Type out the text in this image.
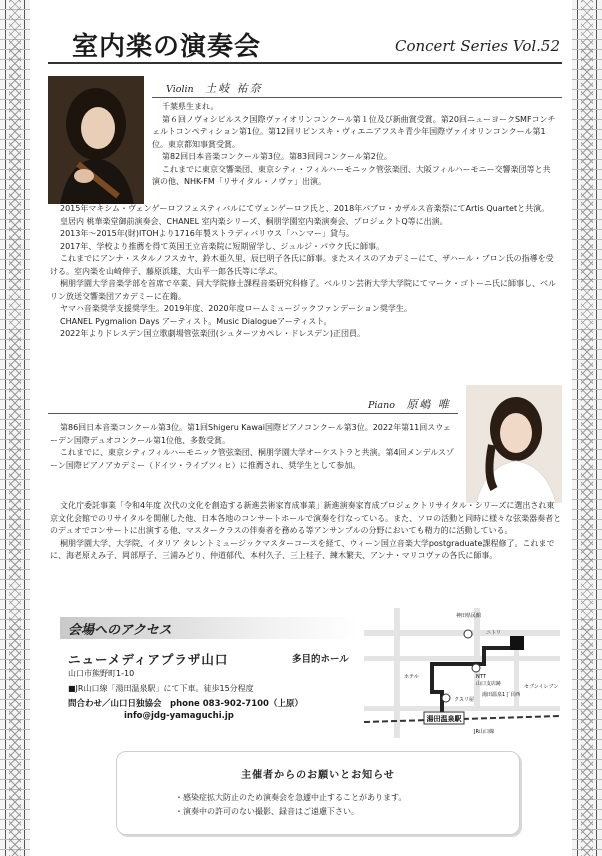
室内楽の演奏会	Concert Series Vol.52
Violin 土岐 祐奈

千葉県生まれ。

第６回ノヴォシビルスク国際ヴァイオリンコンクール第１位及び新曲賞受賞。第20回ニューヨークSMFコンチェルトコンペティション第1位。第12回リピンスキ・ヴィエニアフスキ青少年国際ヴァイオリンコンクール第1位。東京都知事賞受賞。

第82回日本音楽コンクール第3位。第83回同コンクール第2位。

これまでに東京交響楽団、東京シティ・フィルハーモニック管弦楽団、大阪フィルハーモニー交響楽団等と共演の他、NHK-FM「リサイタル・ノヴァ」出演。

2015年マキシム・ヴェンゲーロフフェスティバルにてヴェンゲーロフ氏と、2018年パブロ・カザルス音楽祭にてArtis Quartetと共演。

皇居内 桃華楽堂御前演奏会、CHANEL 室内楽シリーズ、桐朋学園室内楽演奏会、プロジェクトQ等に出演。

2013年～2015年(財)ITOHより1716年製ストラディバリウス「ハンマー」貸与。

2017年、学校より推薦を得て英国王立音楽院に短期留学し、ジュルジ・パウク氏に師事。

これまでにアンナ・スタルノフスカヤ、鈴木亜久里、辰巳明子各氏に師事。またスイスのアカデミーにて、ザハール・ブロン氏の指導を受ける。室内楽を山崎伸子、藤原浜雄、大山平一郎各氏等に学ぶ。

桐朋学園大学音楽学部を首席で卒業、同大学院修士課程音楽研究科修了。ベルリン芸術大学大学院にてマーク・ゴトーニ氏に師事し、ベルリン放送交響楽団アカデミーに在籍。

ヤマハ音楽奨学支援奨学生。2019年度、2020年度ロームミュージックファンデーション奨学生。

CHANEL Pygmalion Days アーティスト。Music Dialogueアーティスト。

2022年よりドレスデン国立歌劇場管弦楽団(シュターツカペレ・ドレスデン)正団員。

Piano 原嶋 唯

第86回日本音楽コンクール第3位。第1回Shigeru Kawai国際ピアノコンクール第3位。2022年第11回スウェーデン国際デュオコンクール第1位他、多数受賞。

これまでに、東京シティフィルハーモニック管弦楽団、桐朋学園大学オーケストラと共演。第4回メンデルスゾーン国際ピアノアカデミー（ドイツ・ライプツィヒ）に推薦され、奨学生として参加。

文化庁委託事業「令和4年度 次代の文化を創造する新進芸術家育成事業」新進演奏家育成プロジェクトリサイタル・シリーズに選出され東京文化会館でのリサイタルを開催した他、日本各地のコンサートホールで演奏を行なっている。また、ソロの活動と同時に様々な弦楽器奏者とのデュオでコンサートに出演する他、マスタークラスの伴奏者を務める等アンサンブルの分野においても精力的に活動している。

桐朋学園大学、大学院、イタリア タレントミュージックマスターコースを経て、ウィーン国立音楽大学postgraduate課程修了。これまでに、海老原えみ子、岡部厚子、三浦みどり、仲道郁代、本村久子、三上桂子、練木繁夫、アンナ・マリコヴァの各氏に師事。

会場へのアクセス
ニューメディアプラザ山口	多目的ホール
山口市熊野町1-10
■JR山口線「湯田温泉駅」にて下車。徒歩15分程度
問合わせ／山口日独協会　phone 083-902-7100（上原）
info@jdg-yamaguchi.jp	湯田温泉駅
神田県民館
ニトリ
NTT
山口支店跡
湯田温泉1丁目西
セブンイレブン
ホテル
クスリ屋
JR山口線
主催者からのお願いとお知らせ
・感染症拡大防止のため演奏会を急遽中止することがあります。
・演奏中の許可のない撮影、録音はご遠慮下さい。
